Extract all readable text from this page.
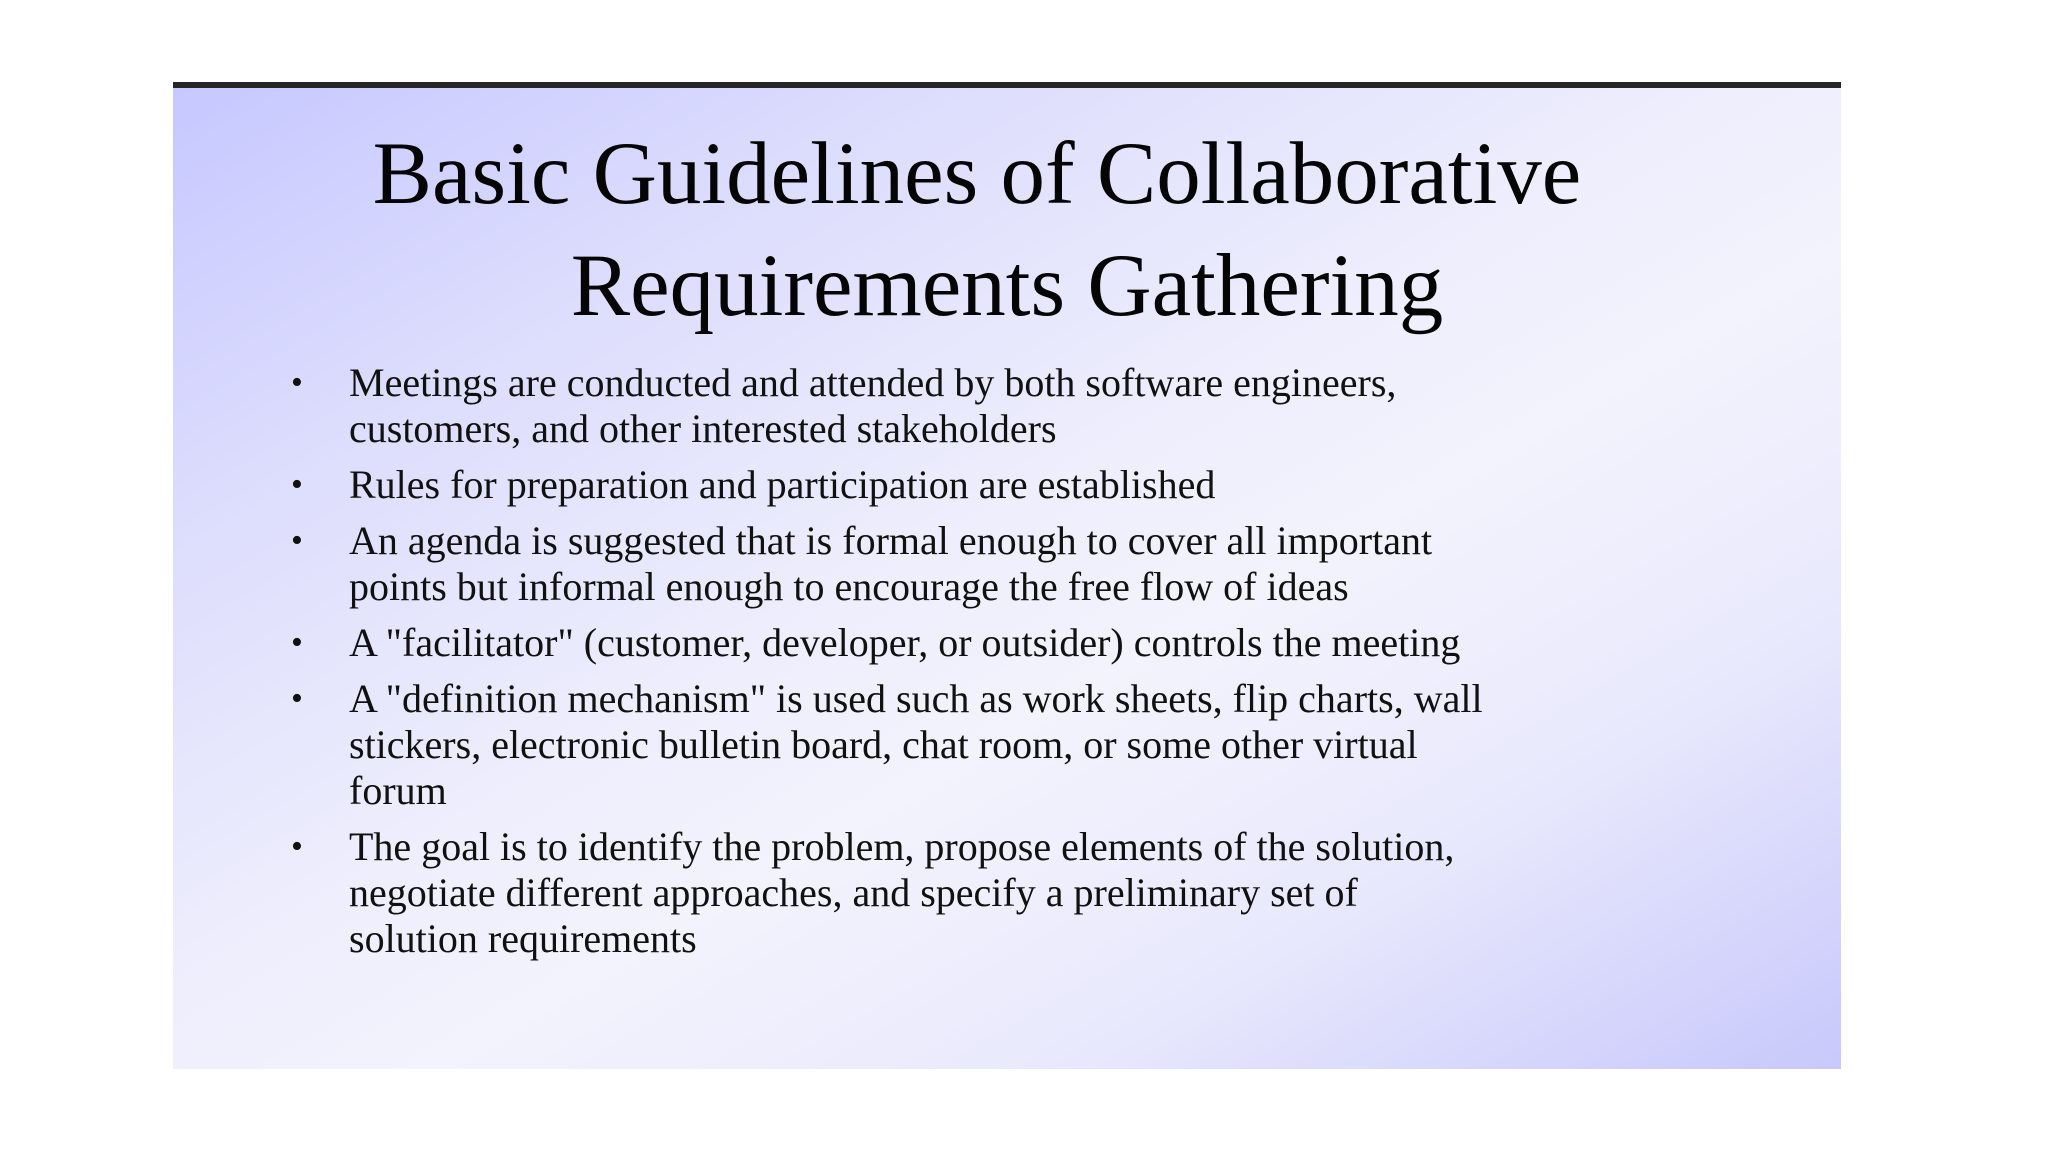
Basic Guidelines of Collaborative
Requirements Gathering
•	Meetings are conducted and attended by both software engineers,
customers, and other interested stakeholders
•	Rules for preparation and participation are established
•	An agenda is suggested that is formal enough to cover all important
points but informal enough to encourage the free flow of ideas
•	A "facilitator" (customer, developer, or outsider) controls the meeting
•	A "definition mechanism" is used such as work sheets, flip charts, wall
stickers, electronic bulletin board, chat room, or some other virtual
forum
•	The goal is to identify the problem, propose elements of the solution,
negotiate different approaches, and specify a preliminary set of
solution requirements
